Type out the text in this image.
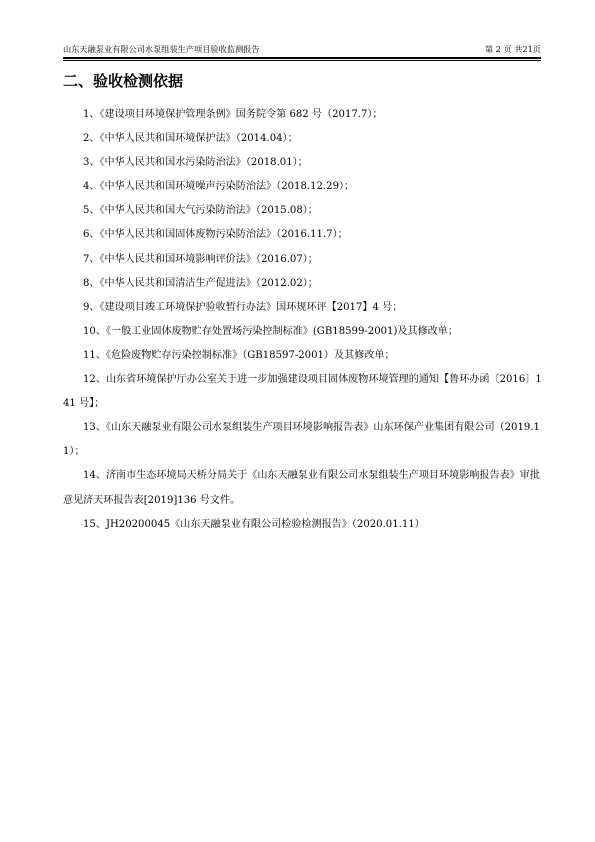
山东天融泵业有限公司水泵组装生产项目验收监测报告	第 2 页 共21页
二、验收检测依据
1、《建设项目环境保护管理条例》国务院令第 682 号（2017.7）；
2、《中华人民共和国环境保护法》（2014.04）；
3、《中华人民共和国水污染防治法》（2018.01）；
4、《中华人民共和国环境噪声污染防治法》（2018.12.29）；
5、《中华人民共和国大气污染防治法》（2015.08）；
6、《中华人民共和国固体废物污染防治法》（2016.11.7）；
7、《中华人民共和国环境影响评价法》（2016.07）；
8、《中华人民共和国清洁生产促进法》（2012.02）；
9、《建设项目竣工环境保护验收暂行办法》国环规环评【2017】4 号；
10、《一般工业固体废物贮存处置场污染控制标准》(GB18599-2001)及其修改单；
11、《危险废物贮存污染控制标准》（GB18597-2001）及其修改单；
12、山东省环境保护厅办公室关于进一步加强建设项目固体废物环境管理的通知【鲁环办函〔2016〕141 号】；
13、《山东天融泵业有限公司水泵组装生产项目环境影响报告表》山东环保产业集团有限公司（2019.11）；
14、济南市生态环境局天桥分局关于《山东天融泵业有限公司水泵组装生产项目环境影响报告表》审批意见济天环报告表[2019]136 号文件。
15、JH20200045《山东天融泵业有限公司检验检测报告》（2020.01.11）
